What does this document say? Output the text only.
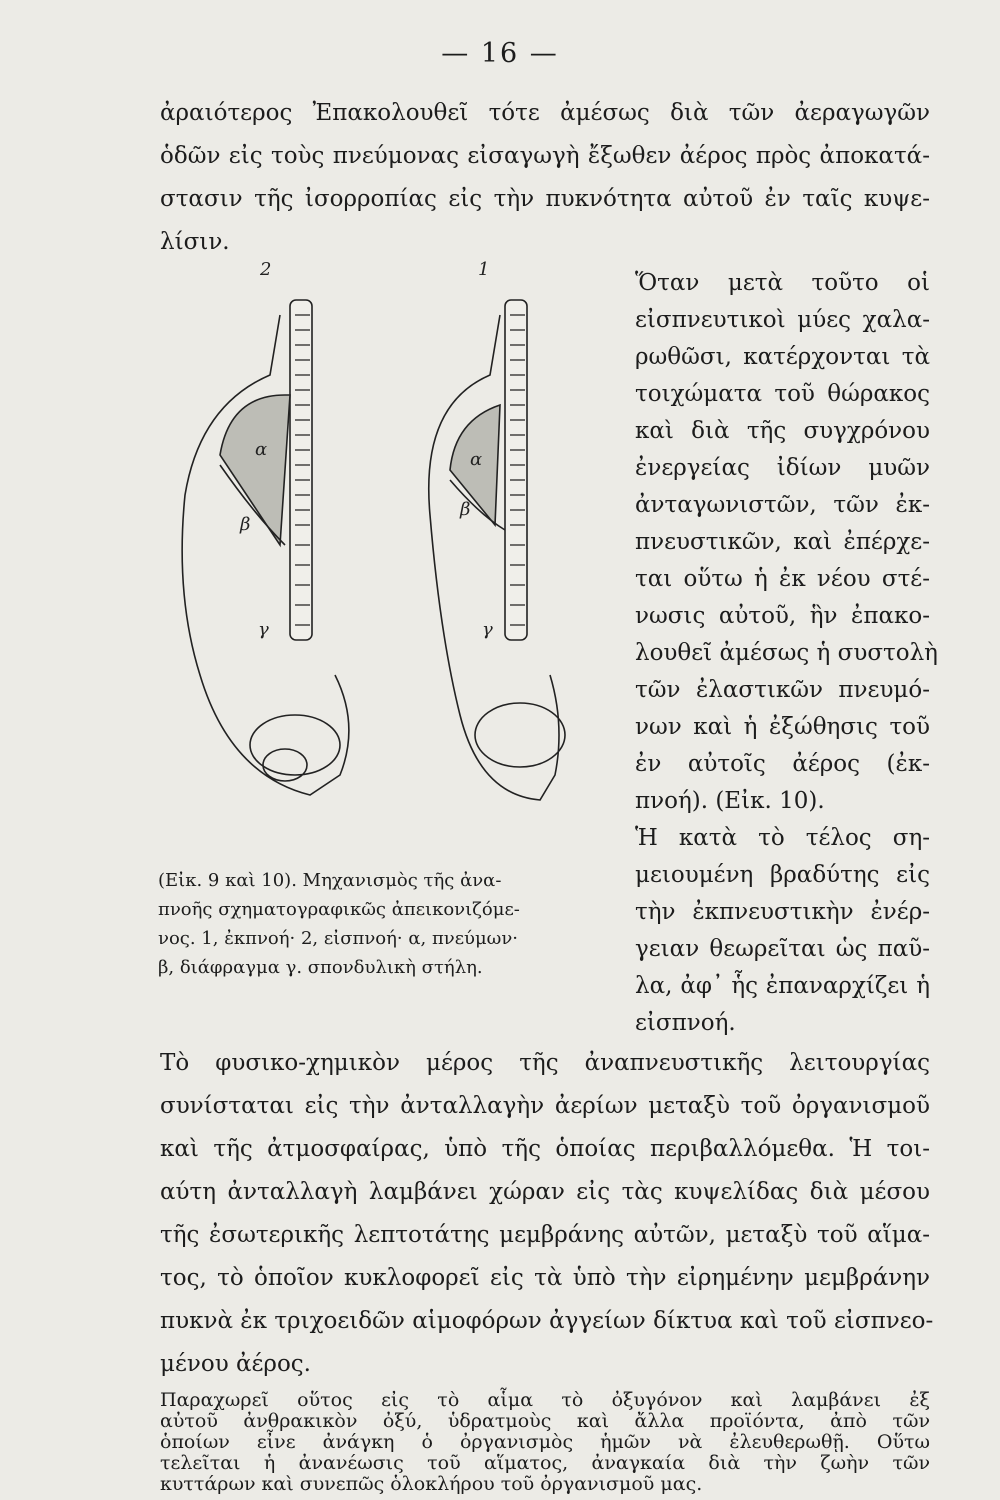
— 16 —
ἀραιότερος Ἐπακολουθεῖ τότε ἀμέσως διὰ τῶν ἀεραγωγῶν
ὁδῶν εἰς τοὺς πνεύμονας εἰσαγωγὴ ἔξωθεν ἀέρος πρὸς ἀποκατά-
στασιν τῆς ἰσορροπίας εἰς τὴν πυκνότητα αὐτοῦ ἐν ταῖς κυψε-
λίσιν.
2	1
α	α
β
β
γ	γ
Ὅταν μετὰ τοῦτο οἱ
εἰσπνευτικοὶ μύες χαλα-
ρωθῶσι, κατέρχονται τὰ
τοιχώματα τοῦ θώρακος
καὶ διὰ τῆς συγχρόνου
ἐνεργείας ἰδίων μυῶν
ἀνταγωνιστῶν, τῶν ἐκ-
πνευστικῶν, καὶ ἐπέρχε-
ται οὕτω ἡ ἐκ νέου στέ-
νωσις αὐτοῦ, ἣν ἐπακο-
λουθεῖ ἀμέσως ἡ συστολὴ
τῶν ἐλαστικῶν πνευμό-
νων καὶ ἡ ἐξώθησις τοῦ
ἐν αὐτοῖς ἀέρος (ἐκ-
πνοή). (Εἰκ. 10).
Ἡ κατὰ τὸ τέλος ση-
μειουμένη βραδύτης εἰς
τὴν ἐκπνευστικὴν ἐνέρ-
γειαν θεωρεῖται ὡς παῦ-
λα, ἀφ᾽ ἧς ἐπαναρχίζει ἡ
εἰσπνοή.
(Εἰκ. 9 καὶ 10). Μηχανισμὸς τῆς ἀνα-
πνοῆς σχηματογραφικῶς ἀπεικονιζόμε-
νος. 1, ἐκπνοή· 2, εἰσπνοή· α, πνεύμων·
β, διάφραγμα γ. σπονδυλικὴ στήλη.
Τὸ φυσικο-χημικὸν μέρος τῆς ἀναπνευστικῆς λειτουργίας
συνίσταται εἰς τὴν ἀνταλλαγὴν ἀερίων μεταξὺ τοῦ ὀργανισμοῦ
καὶ τῆς ἀτμοσφαίρας, ὑπὸ τῆς ὁποίας περιβαλλόμεθα. Ἡ τοι-
αύτη ἀνταλλαγὴ λαμβάνει χώραν εἰς τὰς κυψελίδας διὰ μέσου
τῆς ἐσωτερικῆς λεπτοτάτης μεμβράνης αὐτῶν, μεταξὺ τοῦ αἵμα-
τος, τὸ ὁποῖον κυκλοφορεῖ εἰς τὰ ὑπὸ τὴν εἰρημένην μεμβράνην
πυκνὰ ἐκ τριχοειδῶν αἱμοφόρων ἀγγείων δίκτυα καὶ τοῦ εἰσπνεο-
μένου ἀέρος.
Παραχωρεῖ οὕτος εἰς τὸ αἷμα τὸ ὀξυγόνον καὶ λαμβάνει ἐξ
αὐτοῦ ἀνθρακικὸν ὀξύ, ὑδρατμοὺς καὶ ἄλλα προϊόντα, ἀπὸ τῶν
ὁποίων εἶνε ἀνάγκη ὁ ὀργανισμὸς ἡμῶν νὰ ἐλευθερωθῇ. Οὕτω
τελεῖται ἡ ἀνανέωσις τοῦ αἵματος, ἀναγκαία διὰ τὴν ζωὴν τῶν
κυττάρων καὶ συνεπῶς ὁλοκλήρου τοῦ ὀργανισμοῦ μας.
